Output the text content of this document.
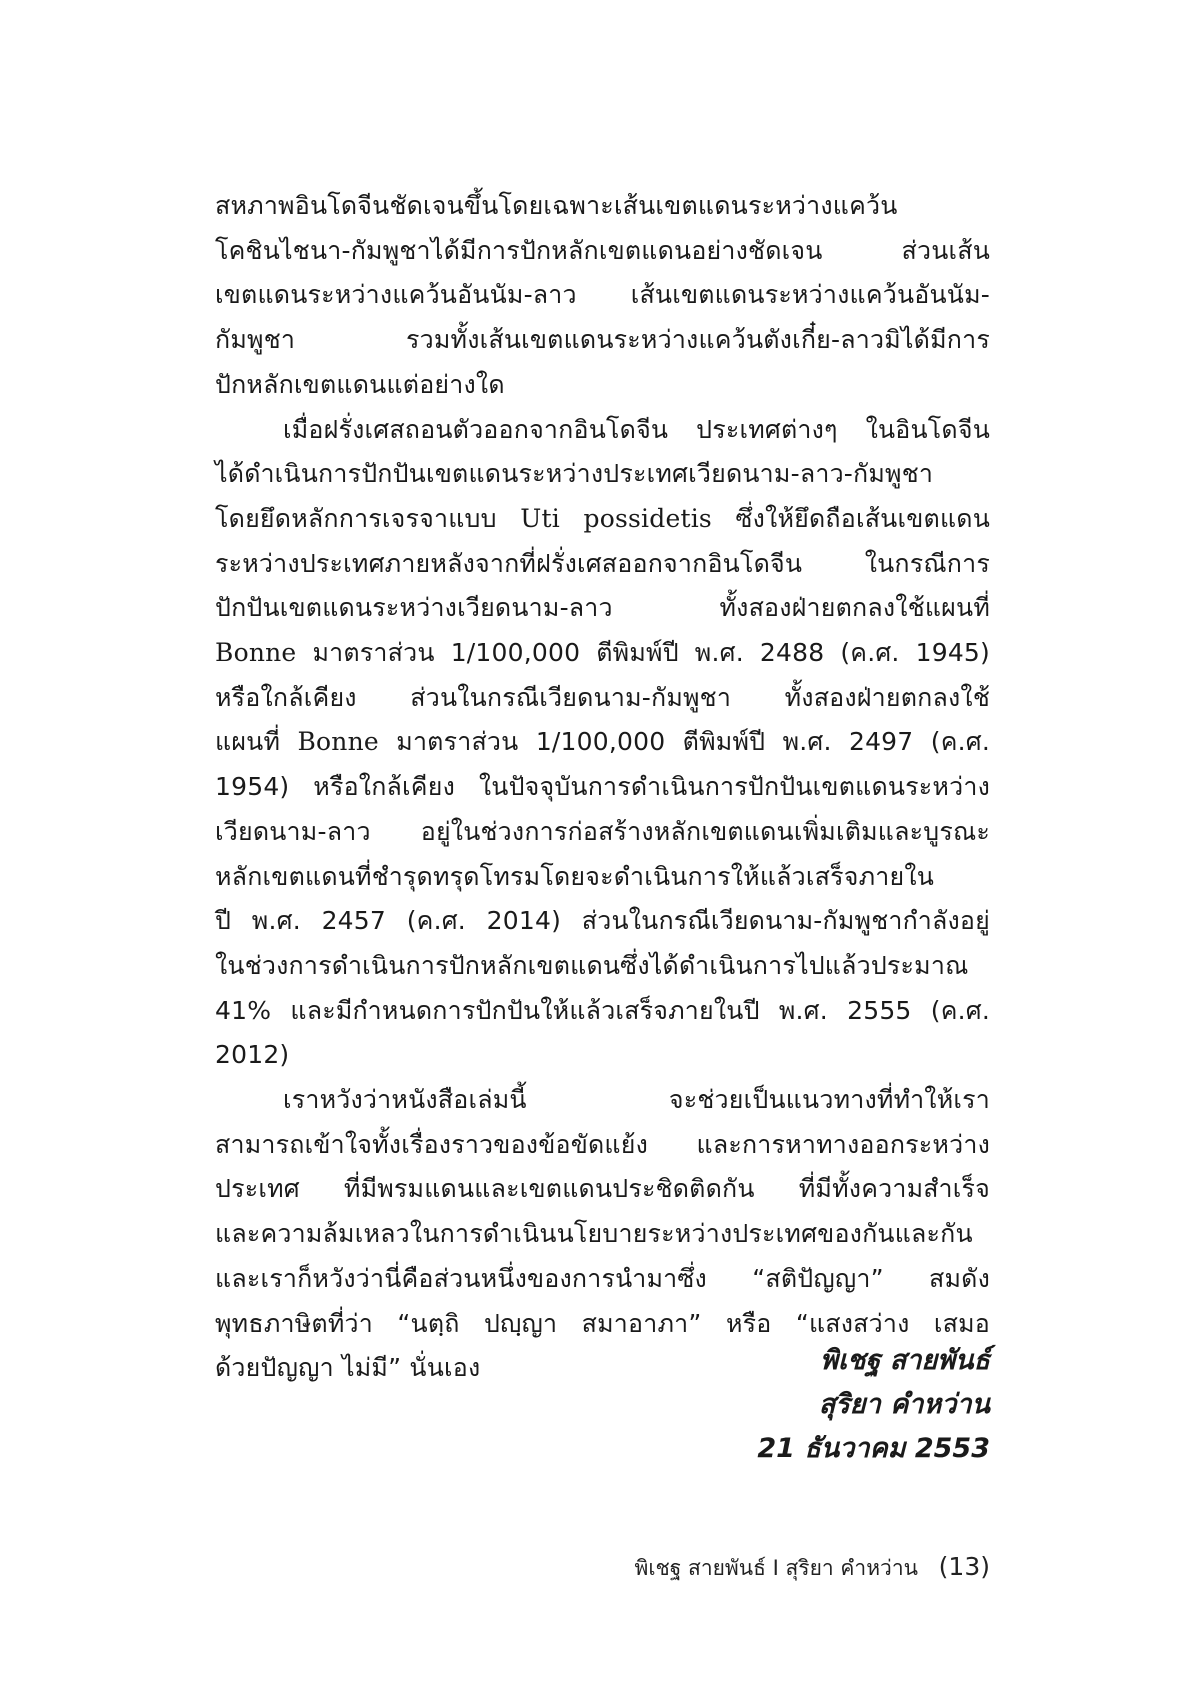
สหภาพอินโดจีนชัดเจนขึ้นโดยเฉพาะเส้นเขตแดนระหว่างแคว้น
โคชินไชนา-กัมพูชาได้มีการปักหลักเขตแดนอย่างชัดเจน ส่วนเส้น
เขตแดนระหว่างแคว้นอันนัม-ลาว เส้นเขตแดนระหว่างแคว้นอันนัม-
กัมพูชา รวมทั้งเส้นเขตแดนระหว่างแคว้นตังเกี๋ย-ลาวมิได้มีการ
ปักหลักเขตแดนแต่อย่างใด
เมื่อฝรั่งเศสถอนตัวออกจากอินโดจีน ประเทศต่างๆ ในอินโดจีน
ได้ดำเนินการปักปันเขตแดนระหว่างประเทศเวียดนาม-ลาว-กัมพูชา
โดยยึดหลักการเจรจาแบบ Uti possidetis ซึ่งให้ยึดถือเส้นเขตแดน
ระหว่างประเทศภายหลังจากที่ฝรั่งเศสออกจากอินโดจีน ในกรณีการ
ปักปันเขตแดนระหว่างเวียดนาม-ลาว ทั้งสองฝ่ายตกลงใช้แผนที่
Bonne มาตราส่วน 1/100,000 ตีพิมพ์ปี พ.ศ. 2488 (ค.ศ. 1945)
หรือใกล้เคียง ส่วนในกรณีเวียดนาม-กัมพูชา ทั้งสองฝ่ายตกลงใช้
แผนที่ Bonne มาตราส่วน 1/100,000 ตีพิมพ์ปี พ.ศ. 2497 (ค.ศ.
1954) หรือใกล้เคียง ในปัจจุบันการดำเนินการปักปันเขตแดนระหว่าง
เวียดนาม-ลาว อยู่ในช่วงการก่อสร้างหลักเขตแดนเพิ่มเติมและบูรณะ
หลักเขตแดนที่ชำรุดทรุดโทรมโดยจะดำเนินการให้แล้วเสร็จภายใน
ปี พ.ศ. 2457 (ค.ศ. 2014) ส่วนในกรณีเวียดนาม-กัมพูชากำลังอยู่
ในช่วงการดำเนินการปักหลักเขตแดนซึ่งได้ดำเนินการไปแล้วประมาณ
41% และมีกำหนดการปักปันให้แล้วเสร็จภายในปี พ.ศ. 2555 (ค.ศ.
2012)
เราหวังว่าหนังสือเล่มนี้ จะช่วยเป็นแนวทางที่ทำให้เรา
สามารถเข้าใจทั้งเรื่องราวของข้อขัดแย้ง และการหาทางออกระหว่าง
ประเทศ ที่มีพรมแดนและเขตแดนประชิดติดกัน ที่มีทั้งความสำเร็จ
และความล้มเหลวในการดำเนินนโยบายระหว่างประเทศของกันและกัน
และเราก็หวังว่านี่คือส่วนหนึ่งของการนำมาซึ่ง “สติปัญญา” สมดัง
พุทธภาษิตที่ว่า “นตฺถิ ปญฺญา สมาอาภา” หรือ “แสงสว่าง เสมอ
ด้วยปัญญา ไม่มี” นั่นเอง	พิเชฐ สายพันธ์
สุริยา คำหว่าน
21 ธันวาคม 2553
พิเชฐ สายพันธ์ I สุริยา คำหว่าน (13)
